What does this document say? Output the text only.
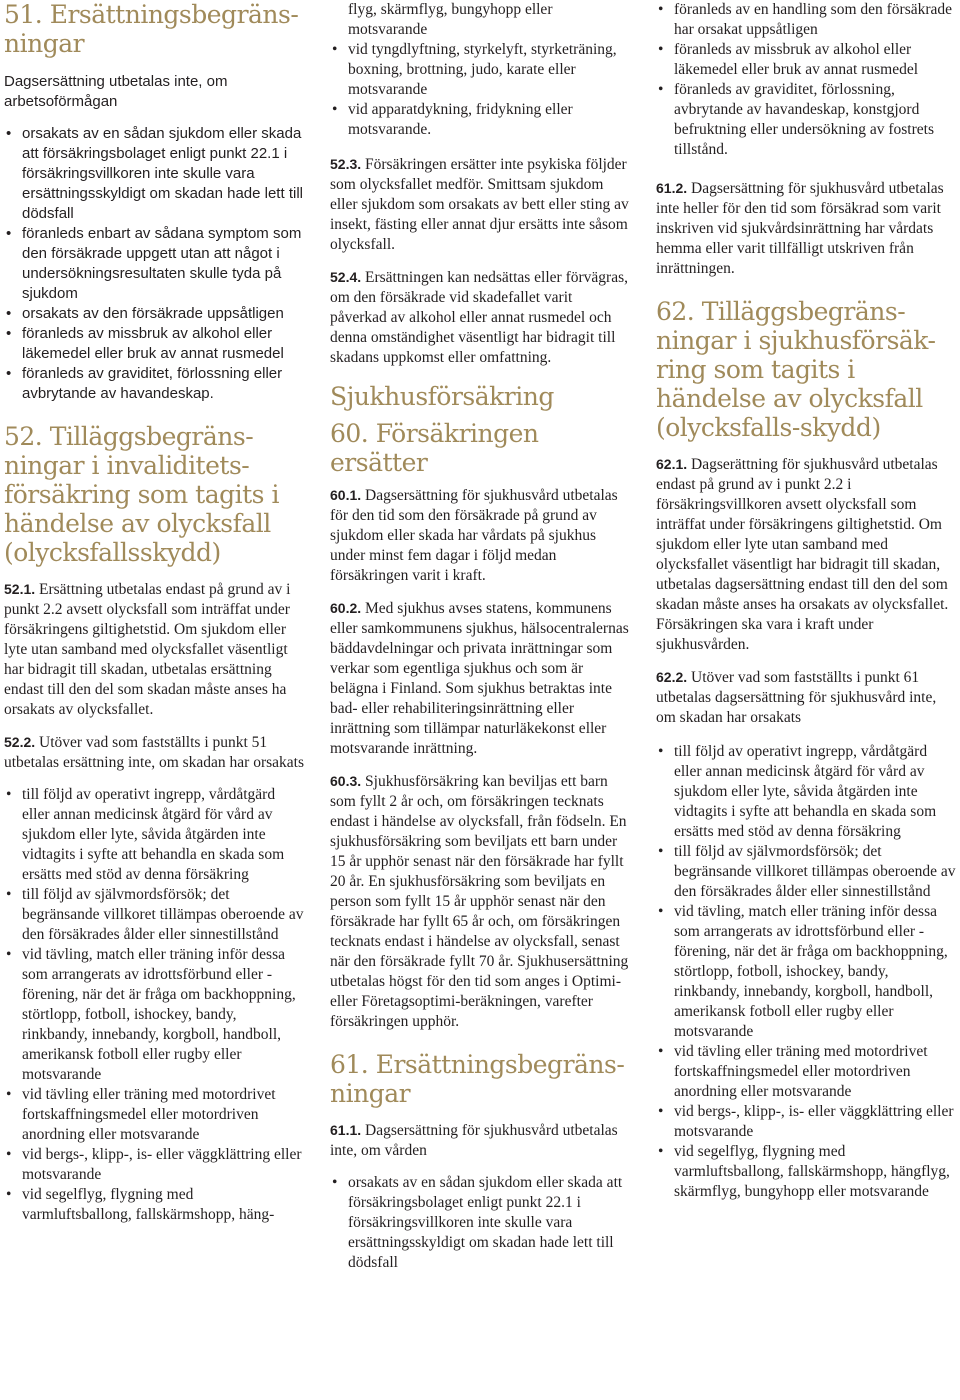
51. Ersättningsbegräns-ningar

Dagsersättning utbetalas inte, om arbetsoförmågan

• orsakats av en sådan sjukdom eller skada att försäkringsbolaget enligt punkt 22.1 i försäkringsvillkoren inte skulle vara ersättningsskyldigt om skadan hade lett till dödsfall
• föranleds enbart av sådana symptom som den försäkrade uppgett utan att något i undersökningsresultaten skulle tyda på sjukdom
• orsakats av den försäkrade uppsåtligen
• föranleds av missbruk av alkohol eller läkemedel eller bruk av annat rusmedel
• föranleds av graviditet, förlossning eller avbrytande av havandeskap.
52. Tilläggsbegräns-ningar i invaliditets-försäkring som tagits i händelse av olycksfall (olycksfallsskydd)

52.1. Ersättning utbetalas endast på grund av i punkt 2.2 avsett olycksfall som inträffat under försäkringens giltighetstid. Om sjukdom eller lyte utan samband med olycksfallet väsentligt har bidragit till skadan, utbetalas ersättning endast till den del som skadan måste anses ha orsakats av olycksfallet.

52.2. Utöver vad som fastställts i punkt 51 utbetalas ersättning inte, om skadan har orsakats

• till följd av operativt ingrepp, vårdåtgärd eller annan medicinsk åtgärd för vård av sjukdom eller lyte, såvida åtgärden inte vidtagits i syfte att behandla en skada som ersätts med stöd av denna försäkring
• till följd av självmordsförsök; det begränsande villkoret tillämpas oberoende av den försäkrades ålder eller sinnestillstånd
• vid tävling, match eller träning inför dessa som arrangerats av idrottsförbund eller -förening, när det är fråga om backhoppning, störtlopp, fotboll, ishockey, bandy, rinkbandy, innebandy, korgboll, handboll, amerikansk fotboll eller rugby eller motsvarande
• vid tävling eller träning med motordrivet fortskaffningsmedel eller motordriven anordning eller motsvarande
• vid bergs-, klipp-, is- eller väggklättring eller motsvarande
• vid segelflyg, flygning med varmluftsballong, fallskärmshopp, häng-

flyg, skärmflyg, bungyhopp eller motsvarande

• vid tyngdlyftning, styrkelyft, styrketräning, boxning, brottning, judo, karate eller motsvarande
• vid apparatdykning, fridykning eller motsvarande.

52.3. Försäkringen ersätter inte psykiska följder som olycksfallet medför. Smittsam sjukdom eller sjukdom som orsakats av bett eller sting av insekt, fästing eller annat djur ersätts inte såsom olycksfall.

52.4. Ersättningen kan nedsättas eller förvägras, om den försäkrade vid skadefallet varit påverkad av alkohol eller annat rusmedel och denna omständighet väsentligt har bidragit till skadans uppkomst eller omfattning.

Sjukhusförsäkring
60. Försäkringen ersätter

60.1. Dagsersättning för sjukhusvård utbetalas för den tid som den försäkrade på grund av sjukdom eller skada har vårdats på sjukhus under minst fem dagar i följd medan försäkringen varit i kraft.

60.2. Med sjukhus avses statens, kommunens eller samkommunens sjukhus, hälsocentralernas bäddavdelningar och privata inrättningar som verkar som egentliga sjukhus och som är belägna i Finland. Som sjukhus betraktas inte bad- eller rehabiliteringsinrättning eller inrättning som tillämpar naturläkekonst eller motsvarande inrättning.

60.3. Sjukhusförsäkring kan beviljas ett barn som fyllt 2 år och, om försäkringen tecknats endast i händelse av olycksfall, från födseln. En sjukhusförsäkring som beviljats ett barn under 15 år upphör senast när den försäkrade har fyllt 20 år. En sjukhusförsäkring som beviljats en person som fyllt 15 år upphör senast när den försäkrade har fyllt 65 år och, om försäkringen tecknats endast i händelse av olycksfall, senast när den försäkrade fyllt 70 år. Sjukhusersättning utbetalas högst för den tid som anges i Optimi- eller Företagsoptimi-beräkningen, varefter försäkringen upphör.

61. Ersättningsbegräns-ningar

61.1. Dagsersättning för sjukhusvård utbetalas inte, om vården

• orsakats av en sådan sjukdom eller skada att försäkringsbolaget enligt punkt 22.1 i försäkringsvillkoren inte skulle vara ersättningsskyldigt om skadan hade lett till dödsfall
• föranleds av en handling som den försäkrade har orsakat uppsåtligen
• föranleds av missbruk av alkohol eller läkemedel eller bruk av annat rusmedel
• föranleds av graviditet, förlossning, avbrytande av havandeskap, konstgjord befruktning eller undersökning av fostrets tillstånd.

61.2. Dagsersättning för sjukhusvård utbetalas inte heller för den tid som försäkrad som varit inskriven vid sjukvårdsinrättning har vårdats hemma eller varit tillfälligt utskriven från inrättningen.

62. Tilläggsbegräns-ningar i sjukhusförsäk-ring som tagits i händelse av olycksfall (olycksfalls-skydd)

62.1. Dagserättning för sjukhusvård utbetalas endast på grund av i punkt 2.2 i försäkringsvillkoren avsett olycksfall som inträffat under försäkringens giltighetstid. Om sjukdom eller lyte utan samband med olycksfallet väsentligt har bidragit till skadan, utbetalas dagsersättning endast till den del som skadan måste anses ha orsakats av olycksfallet. Försäkringen ska vara i kraft under sjukhusvården.

62.2. Utöver vad som fastställts i punkt 61 utbetalas dagsersättning för sjukhusvård inte, om skadan har orsakats

• till följd av operativt ingrepp, vårdåtgärd eller annan medicinsk åtgärd för vård av sjukdom eller lyte, såvida åtgärden inte vidtagits i syfte att behandla en skada som ersätts med stöd av denna försäkring
• till följd av självmordsförsök; det begränsande villkoret tillämpas oberoende av den försäkrades ålder eller sinnestillstånd
• vid tävling, match eller träning inför dessa som arrangerats av idrottsförbund eller -förening, när det är fråga om backhoppning, störtlopp, fotboll, ishockey, bandy, rinkbandy, innebandy, korgboll, handboll, amerikansk fotboll eller rugby eller motsvarande
• vid tävling eller träning med motordrivet fortskaffningsmedel eller motordriven anordning eller motsvarande
• vid bergs-, klipp-, is- eller väggklättring eller motsvarande
• vid segelflyg, flygning med varmluftsballong, fallskärmshopp, hängflyg, skärmflyg, bungyhopp eller motsvarande
